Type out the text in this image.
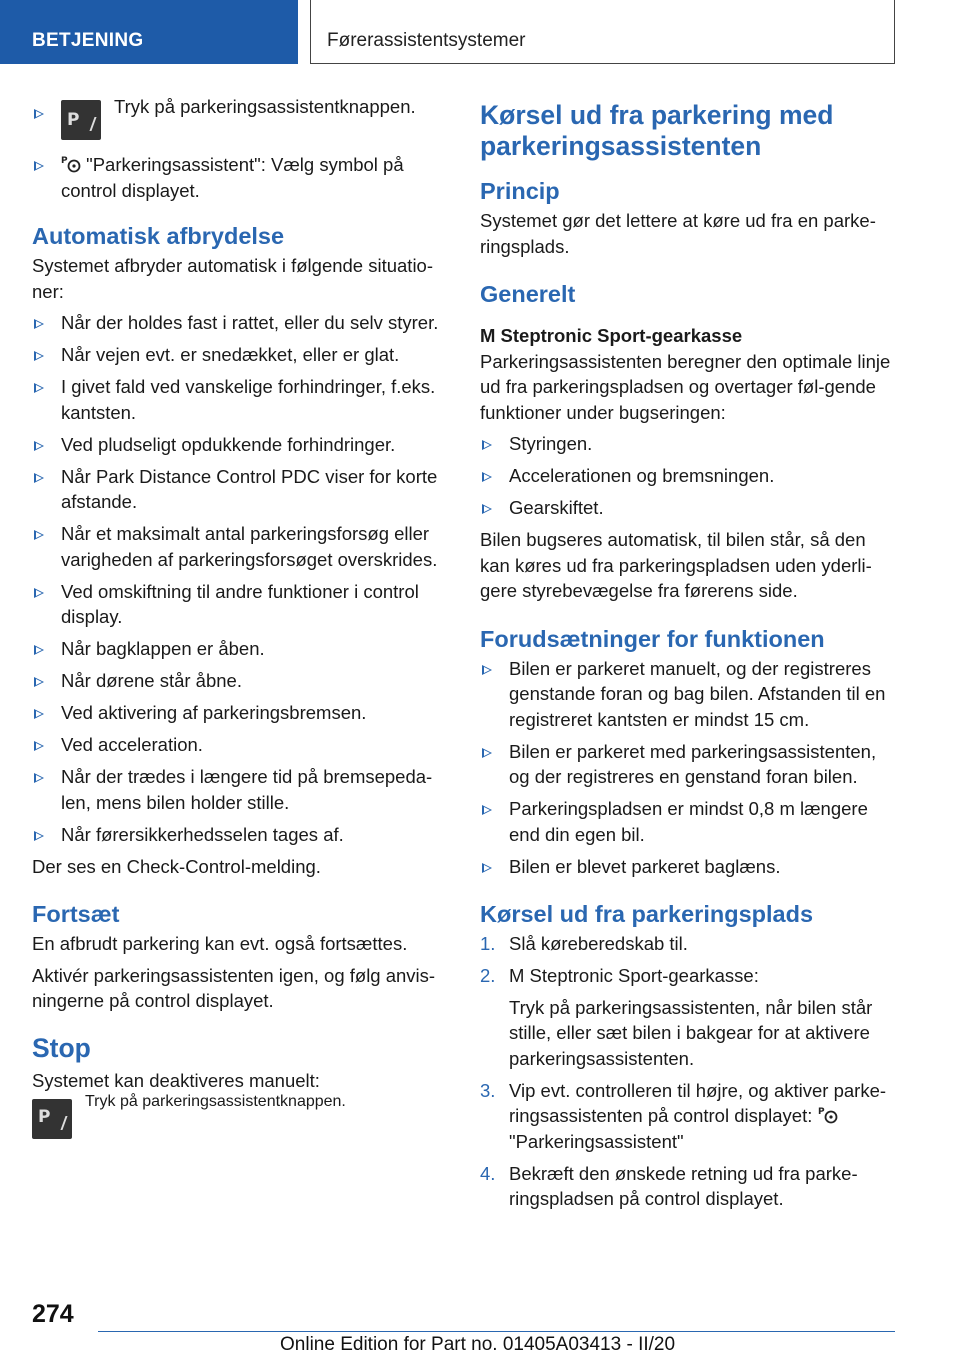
BETJENING	Førerassistentsystemer
P
Tryk på parkeringsassistentknappen.
P "Parkeringsassistent": Vælg symbol på control displayet.
Automatisk afbrydelse

Systemet afbryder automatisk i følgende situatio-ner:

Når der holdes fast i rattet, eller du selv styrer.
Når vejen evt. er snedækket, eller er glat.
I givet fald ved vanskelige forhindringer, f.eks. kantsten.
Ved pludseligt opdukkende forhindringer.
Når Park Distance Control PDC viser for korte afstande.
Når et maksimalt antal parkeringsforsøg eller varigheden af parkeringsforsøget overskrides.
Ved omskiftning til andre funktioner i control display.
Når bagklappen er åben.
Når dørene står åbne.
Ved aktivering af parkeringsbremsen.
Ved acceleration.
Når der trædes i længere tid på bremsepeda-len, mens bilen holder stille.
Når førersikkerhedsselen tages af.

Der ses en Check-Control-melding.

Fortsæt

En afbrudt parkering kan evt. også fortsættes.

Aktivér parkeringsassistenten igen, og følg anvis-ningerne på control displayet.

Stop

Systemet kan deaktiveres manuelt:

P
Tryk på parkeringsassistentknappen.
Kørsel ud fra parkering med parkeringsassistenten
Princip

Systemet gør det lettere at køre ud fra en parke-ringsplads.

Generelt
M Steptronic Sport-gearkasse

Parkeringsassistenten beregner den optimale linje ud fra parkeringspladsen og overtager føl-gende funktioner under bugseringen:

Styringen.
Accelerationen og bremsningen.
Gearskiftet.

Bilen bugseres automatisk, til bilen står, så den kan køres ud fra parkeringspladsen uden yderli-gere styrebevægelse fra førerens side.

Forudsætninger for funktionen
Bilen er parkeret manuelt, og der registreres genstande foran og bag bilen. Afstanden til en registreret kantsten er mindst 15 cm.
Bilen er parkeret med parkeringsassistenten, og der registreres en genstand foran bilen.
Parkeringspladsen er mindst 0,8 m længere end din egen bil.
Bilen er blevet parkeret baglæns.
Kørsel ud fra parkeringsplads
1. Slå køreberedskab til.
2. M Steptronic Sport-gearkasse:
Tryk på parkeringsassistenten, når bilen står stille, eller sæt bilen i bakgear for at aktivere parkeringsassistenten.
3. Vip evt. controlleren til højre, og aktiver parke-ringsassistenten på control displayet: P

"Parkeringsassistent"
4. Bekræft den ønskede retning ud fra parke-ringspladsen på control displayet.
274
Online Edition for Part no. 01405A03413 - II/20
